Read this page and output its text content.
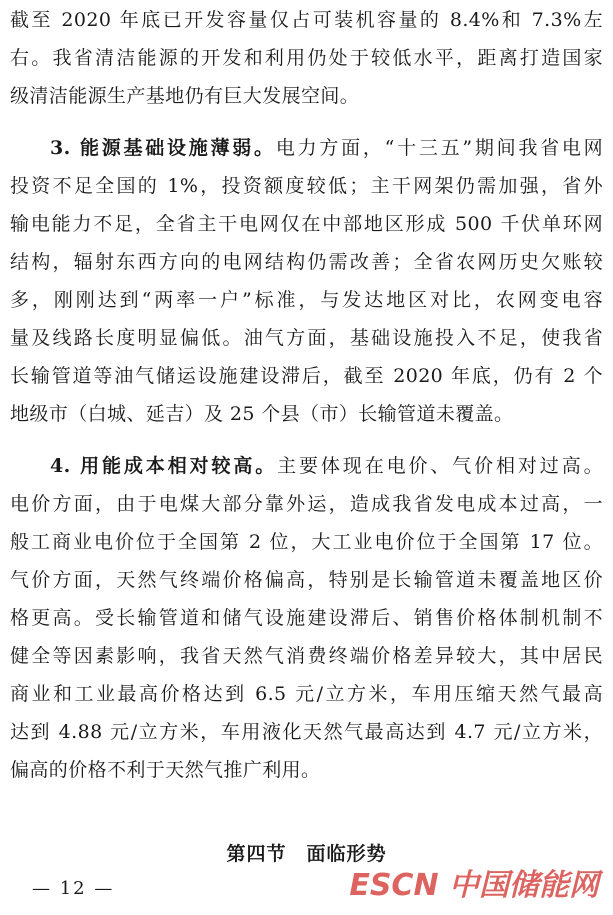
截至 2020 年底已开发容量仅占可装机容量的 8.4%和 7.3%左
右。我省清洁能源的开发和利用仍处于较低水平，距离打造国家
级清洁能源生产基地仍有巨大发展空间。
3. 能源基础设施薄弱。电力方面，“十三五”期间我省电网
投资不足全国的 1%，投资额度较低；主干网架仍需加强，省外
输电能力不足，全省主干电网仅在中部地区形成 500 千伏单环网
结构，辐射东西方向的电网结构仍需改善；全省农网历史欠账较
多，刚刚达到“两率一户”标准，与发达地区对比，农网变电容
量及线路长度明显偏低。油气方面，基础设施投入不足，使我省
长输管道等油气储运设施建设滞后，截至 2020 年底，仍有 2 个
地级市（白城、延吉）及 25 个县（市）长输管道未覆盖。
4. 用能成本相对较高。主要体现在电价、气价相对过高。
电价方面，由于电煤大部分靠外运，造成我省发电成本过高，一
般工商业电价位于全国第 2 位，大工业电价位于全国第 17 位。
气价方面，天然气终端价格偏高，特别是长输管道未覆盖地区价
格更高。受长输管道和储气设施建设滞后、销售价格体制机制不
健全等因素影响，我省天然气消费终端价格差异较大，其中居民
商业和工业最高价格达到 6.5 元/立方米，车用压缩天然气最高
达到 4.88 元/立方米，车用液化天然气最高达到 4.7 元/立方米，
偏高的价格不利于天然气推广利用。
第四节　面临形势
— 12 —	ESCN 中国储能网
